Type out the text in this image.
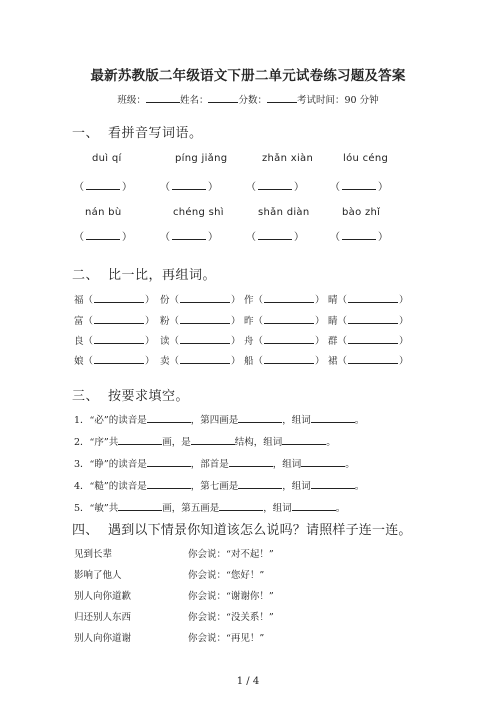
最新苏教版二年级语文下册二单元试卷练习题及答案
班级：	姓名：	分数：	考试时间：90 分钟
一、 看拼音写词语。
duì qí	píng jiǎng	zhǎn xiàn	lóu céng
（	）	（	）	（	）	（	）
nán bù	chéng shì	shǎn diàn	bào zhǐ
（	）	（	）	（	）	（	）
二、 比一比，再组词。
福（	） 份（	） 作（	） 晴（	）
富（	） 粉（	） 昨（	） 睛（	）
良（	） 读（	） 舟（	） 群（	）
娘（	） 卖（	） 船（	） 裙（	）
三、 按要求填空。
1．“必”的读音是	，第四画是	，组词	。
2．“序”共	画，是	结构，组词	。
3．“睁”的读音是	，部首是	，组词	。
4．“糙”的读音是	，第七画是	，组词	。
5．“敏”共	画，第五画是	，组词	。
四、 遇到以下情景你知道该怎么说吗？请照样子连一连。
见到长辈	你会说：“对不起！”
影响了他人	你会说：“您好！”
别人向你道歉	你会说：“谢谢你！”
归还别人东西	你会说：“没关系！”
别人向你道谢	你会说：“再见！”
1 / 4
